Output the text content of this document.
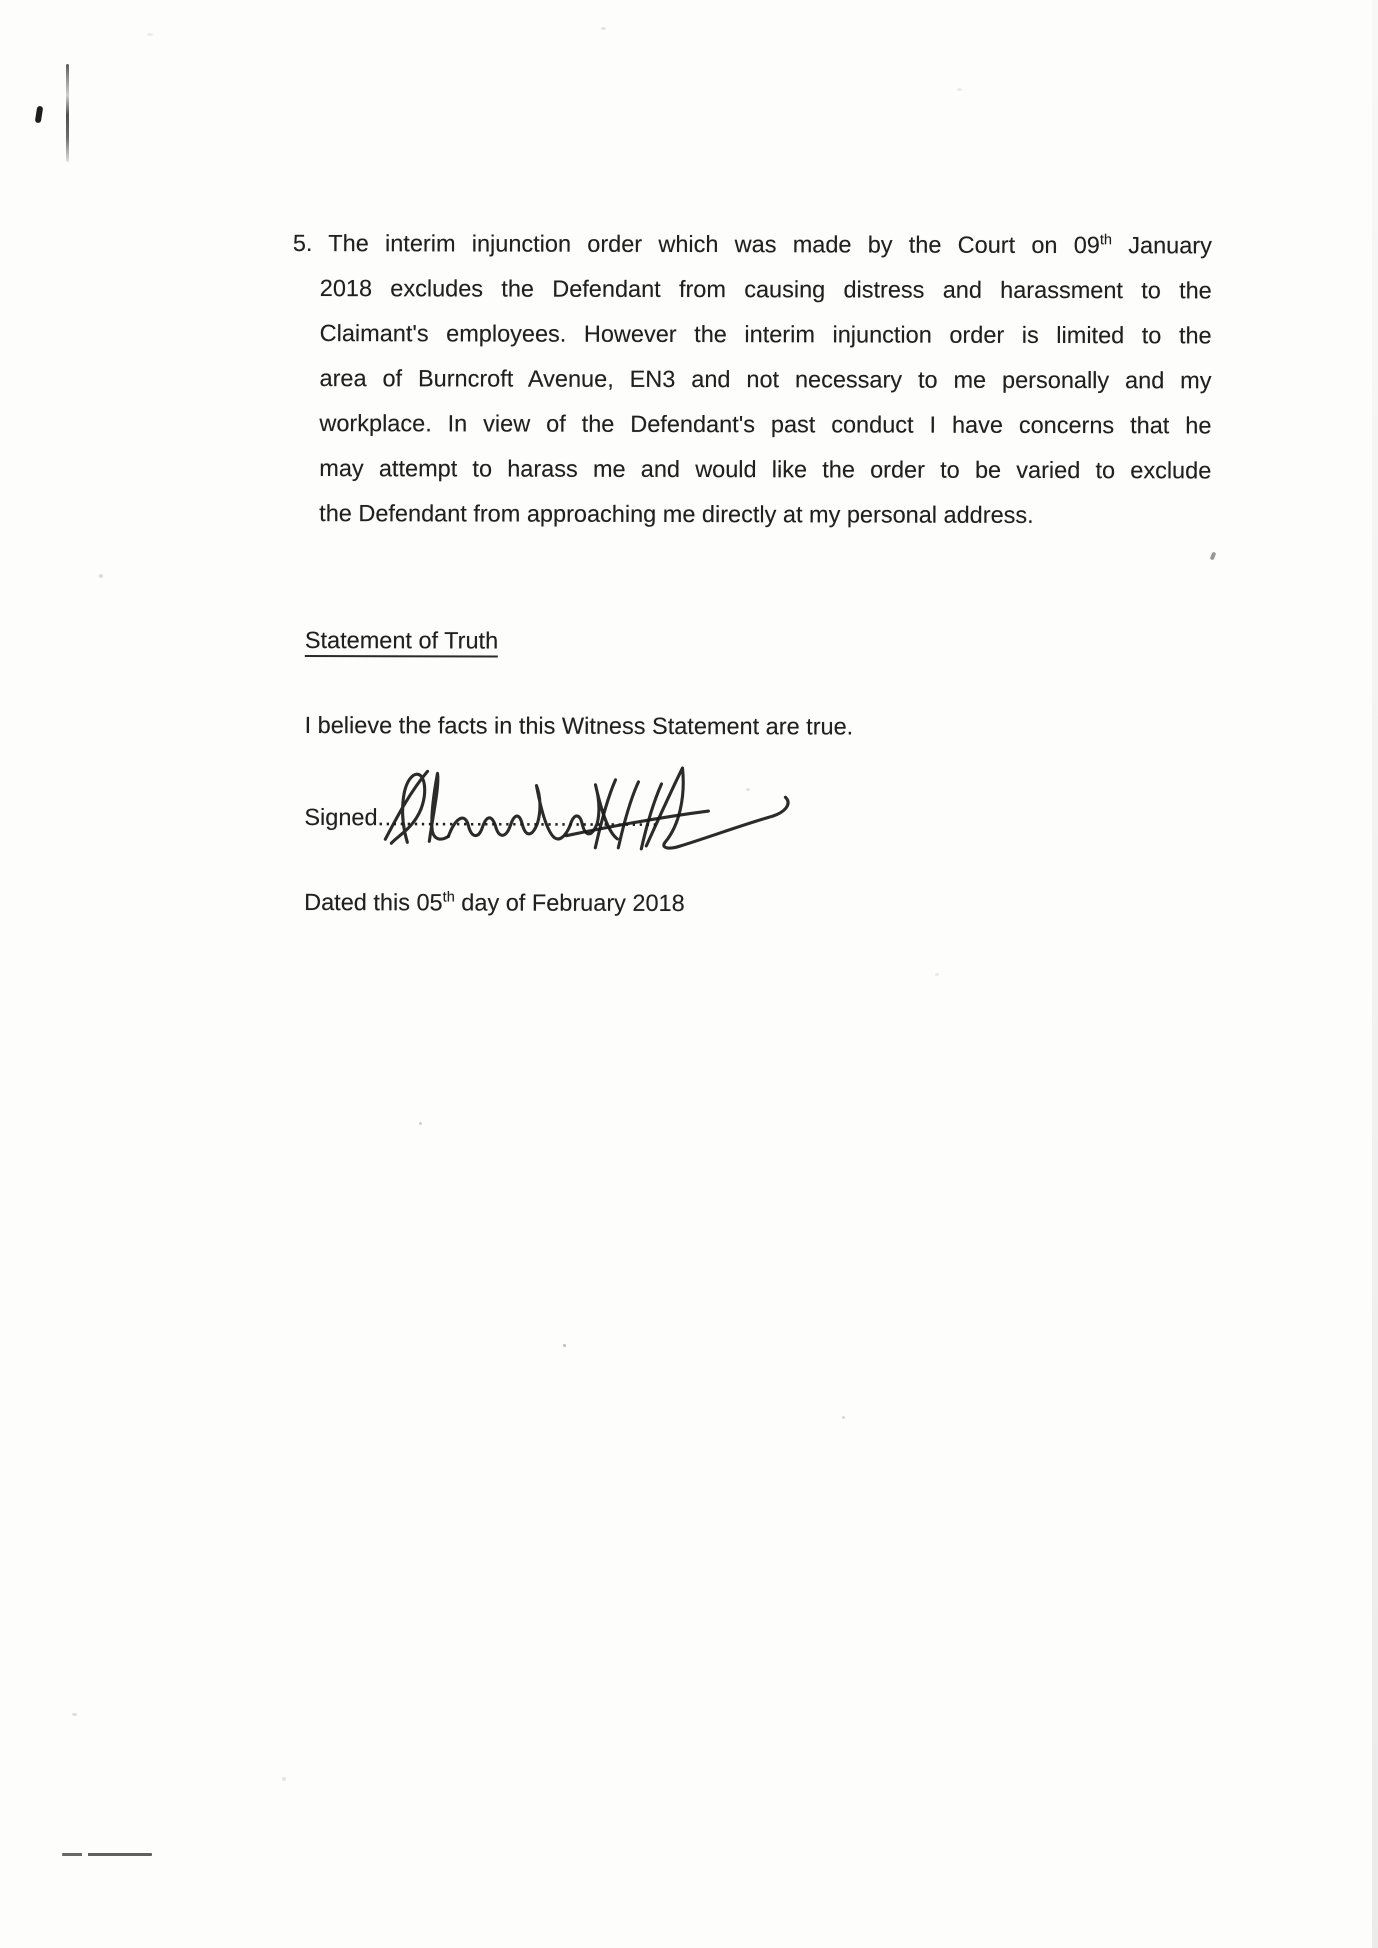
5. The interim injunction order which was made by the Court on 09th January
2018 excludes the Defendant from causing distress and harassment to the
Claimant's employees. However the interim injunction order is limited to the
area of Burncroft Avenue, EN3 and not necessary to me personally and my
workplace. In view of the Defendant's past conduct I have concerns that he
may attempt to harass me and would like the order to be varied to exclude
the Defendant from approaching me directly at my personal address.
Statement of Truth
I believe the facts in this Witness Statement are true.
Signed........................................
Dated this 05th day of February 2018
